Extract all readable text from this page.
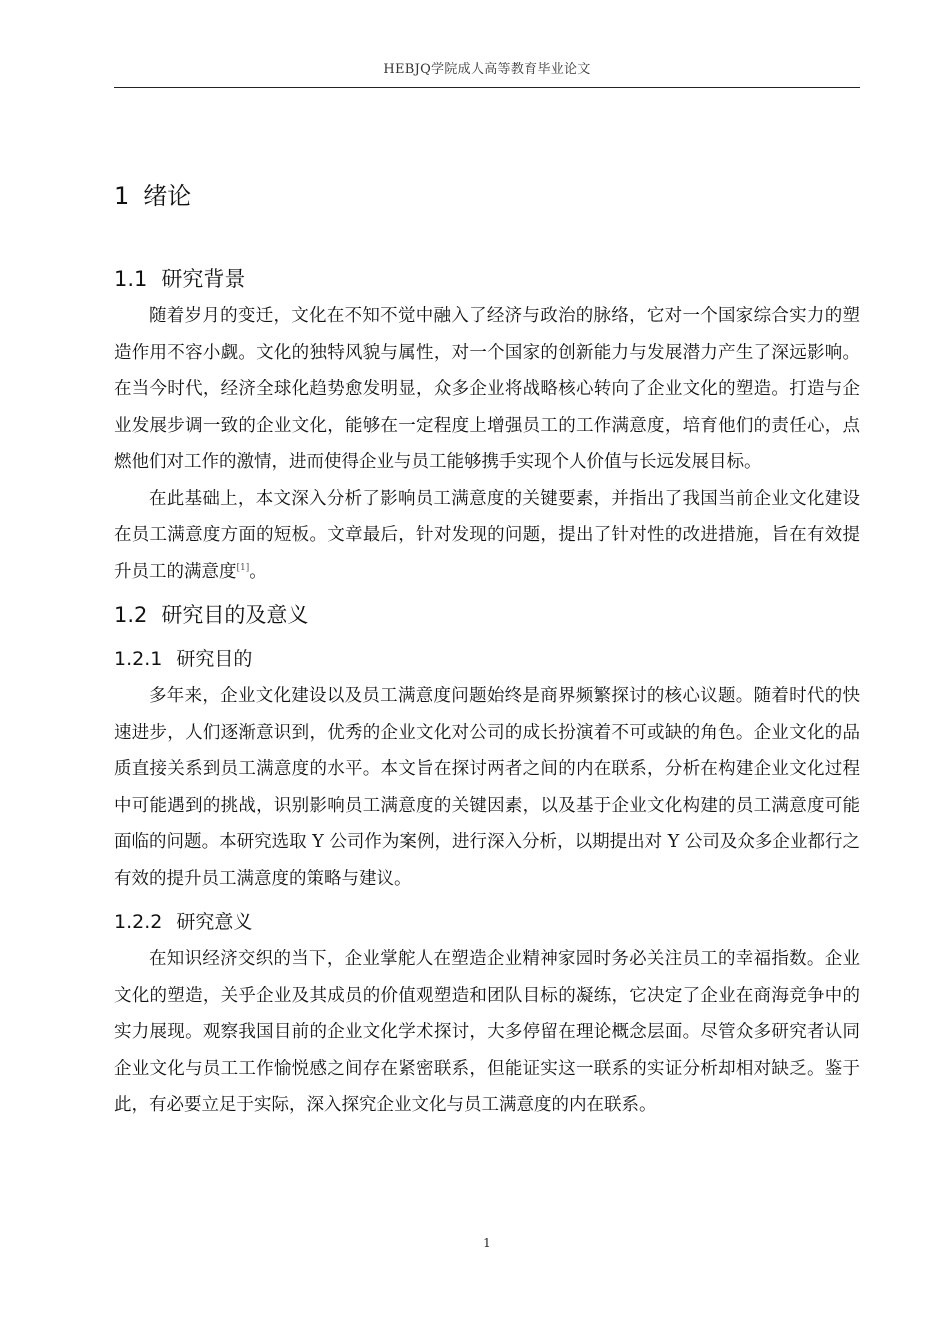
HEBJQ学院成人高等教育毕业论文
1 绪论
1.1 研究背景

随着岁月的变迁，文化在不知不觉中融入了经济与政治的脉络，它对一个国家综合实力的塑造作用不容小觑。文化的独特风貌与属性，对一个国家的创新能力与发展潜力产生了深远影响。在当今时代，经济全球化趋势愈发明显，众多企业将战略核心转向了企业文化的塑造。打造与企业发展步调一致的企业文化，能够在一定程度上增强员工的工作满意度，培育他们的责任心，点燃他们对工作的激情，进而使得企业与员工能够携手实现个人价值与长远发展目标。

在此基础上，本文深入分析了影响员工满意度的关键要素，并指出了我国当前企业文化建设在员工满意度方面的短板。文章最后，针对发现的问题，提出了针对性的改进措施，旨在有效提升员工的满意度[1]。

1.2 研究目的及意义
1.2.1 研究目的

多年来，企业文化建设以及员工满意度问题始终是商界频繁探讨的核心议题。随着时代的快速进步，人们逐渐意识到，优秀的企业文化对公司的成长扮演着不可或缺的角色。企业文化的品质直接关系到员工满意度的水平。本文旨在探讨两者之间的内在联系，分析在构建企业文化过程中可能遇到的挑战，识别影响员工满意度的关键因素，以及基于企业文化构建的员工满意度可能面临的问题。本研究选取 Y 公司作为案例，进行深入分析，以期提出对 Y 公司及众多企业都行之有效的提升员工满意度的策略与建议。

1.2.2 研究意义

在知识经济交织的当下，企业掌舵人在塑造企业精神家园时务必关注员工的幸福指数。企业文化的塑造，关乎企业及其成员的价值观塑造和团队目标的凝练，它决定了企业在商海竞争中的实力展现。观察我国目前的企业文化学术探讨，大多停留在理论概念层面。尽管众多研究者认同企业文化与员工工作愉悦感之间存在紧密联系，但能证实这一联系的实证分析却相对缺乏。鉴于此，有必要立足于实际，深入探究企业文化与员工满意度的内在联系。

1
